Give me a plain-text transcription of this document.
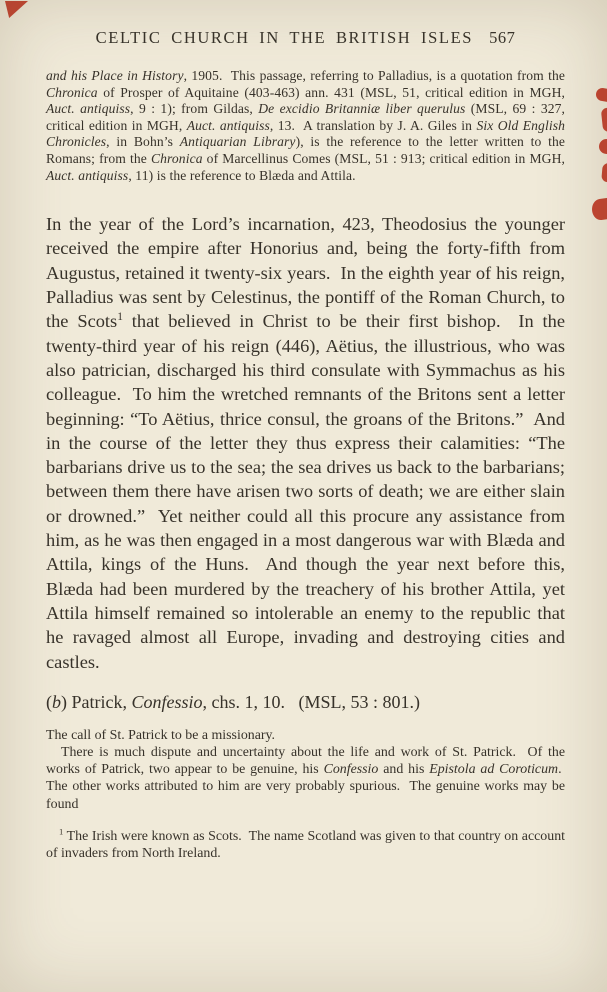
CELTIC CHURCH IN THE BRITISH ISLES 567

and his Place in History, 1905.  This passage, referring to Palladius, is a quotation from the Chronica of Prosper of Aquitaine (403-463) ann. 431 (MSL, 51, critical edition in MGH, Auct. antiquiss, 9 : 1); from Gildas, De excidio Britanniæ liber querulus (MSL, 69 : 327, critical edition in MGH, Auct. antiquiss, 13.  A translation by J. A. Giles in Six Old English Chronicles, in Bohn’s Antiquarian Library), is the reference to the letter written to the Romans; from the Chronica of Marcellinus Comes (MSL, 51 : 913; critical edition in MGH, Auct. antiquiss, 11) is the reference to Blæda and Attila.

In the year of the Lord’s incarnation, 423, Theodosius the younger received the empire after Honorius and, being the forty-fifth from Augustus, retained it twenty-six years.  In the eighth year of his reign, Palladius was sent by Celestinus, the pontiff of the Roman Church, to the Scots$^1$ that believed in Christ to be their first bishop.  In the twenty-third year of his reign (446), Aëtius, the illustrious, who was also patrician, discharged his third consulate with Symmachus as his colleague.  To him the wretched remnants of the Britons sent a letter beginning: “To Aëtius, thrice consul, the groans of the Britons.”  And in the course of the letter they thus express their calamities: “The barbarians drive us to the sea; the sea drives us back to the barbarians; between them there have arisen two sorts of death; we are either slain or drowned.”  Yet neither could all this procure any assistance from him, as he was then engaged in a most dangerous war with Blæda and Attila, kings of the Huns.  And though the year next before this, Blæda had been murdered by the treachery of his brother Attila, yet Attila himself remained so intolerable an enemy to the republic that he ravaged almost all Europe, invading and destroying cities and castles.

(b) Patrick, Confessio, chs. 1, 10.   (MSL, 53 : 801.)

The call of St. Patrick to be a missionary.

There is much dispute and uncertainty about the life and work of St. Patrick.  Of the works of Patrick, two appear to be genuine, his Confessio and his Epistola ad Coroticum.  The other works attributed to him are very probably spurious.  The genuine works may be found

$^1$ The Irish were known as Scots.  The name Scotland was given to that country on account of invaders from North Ireland.
